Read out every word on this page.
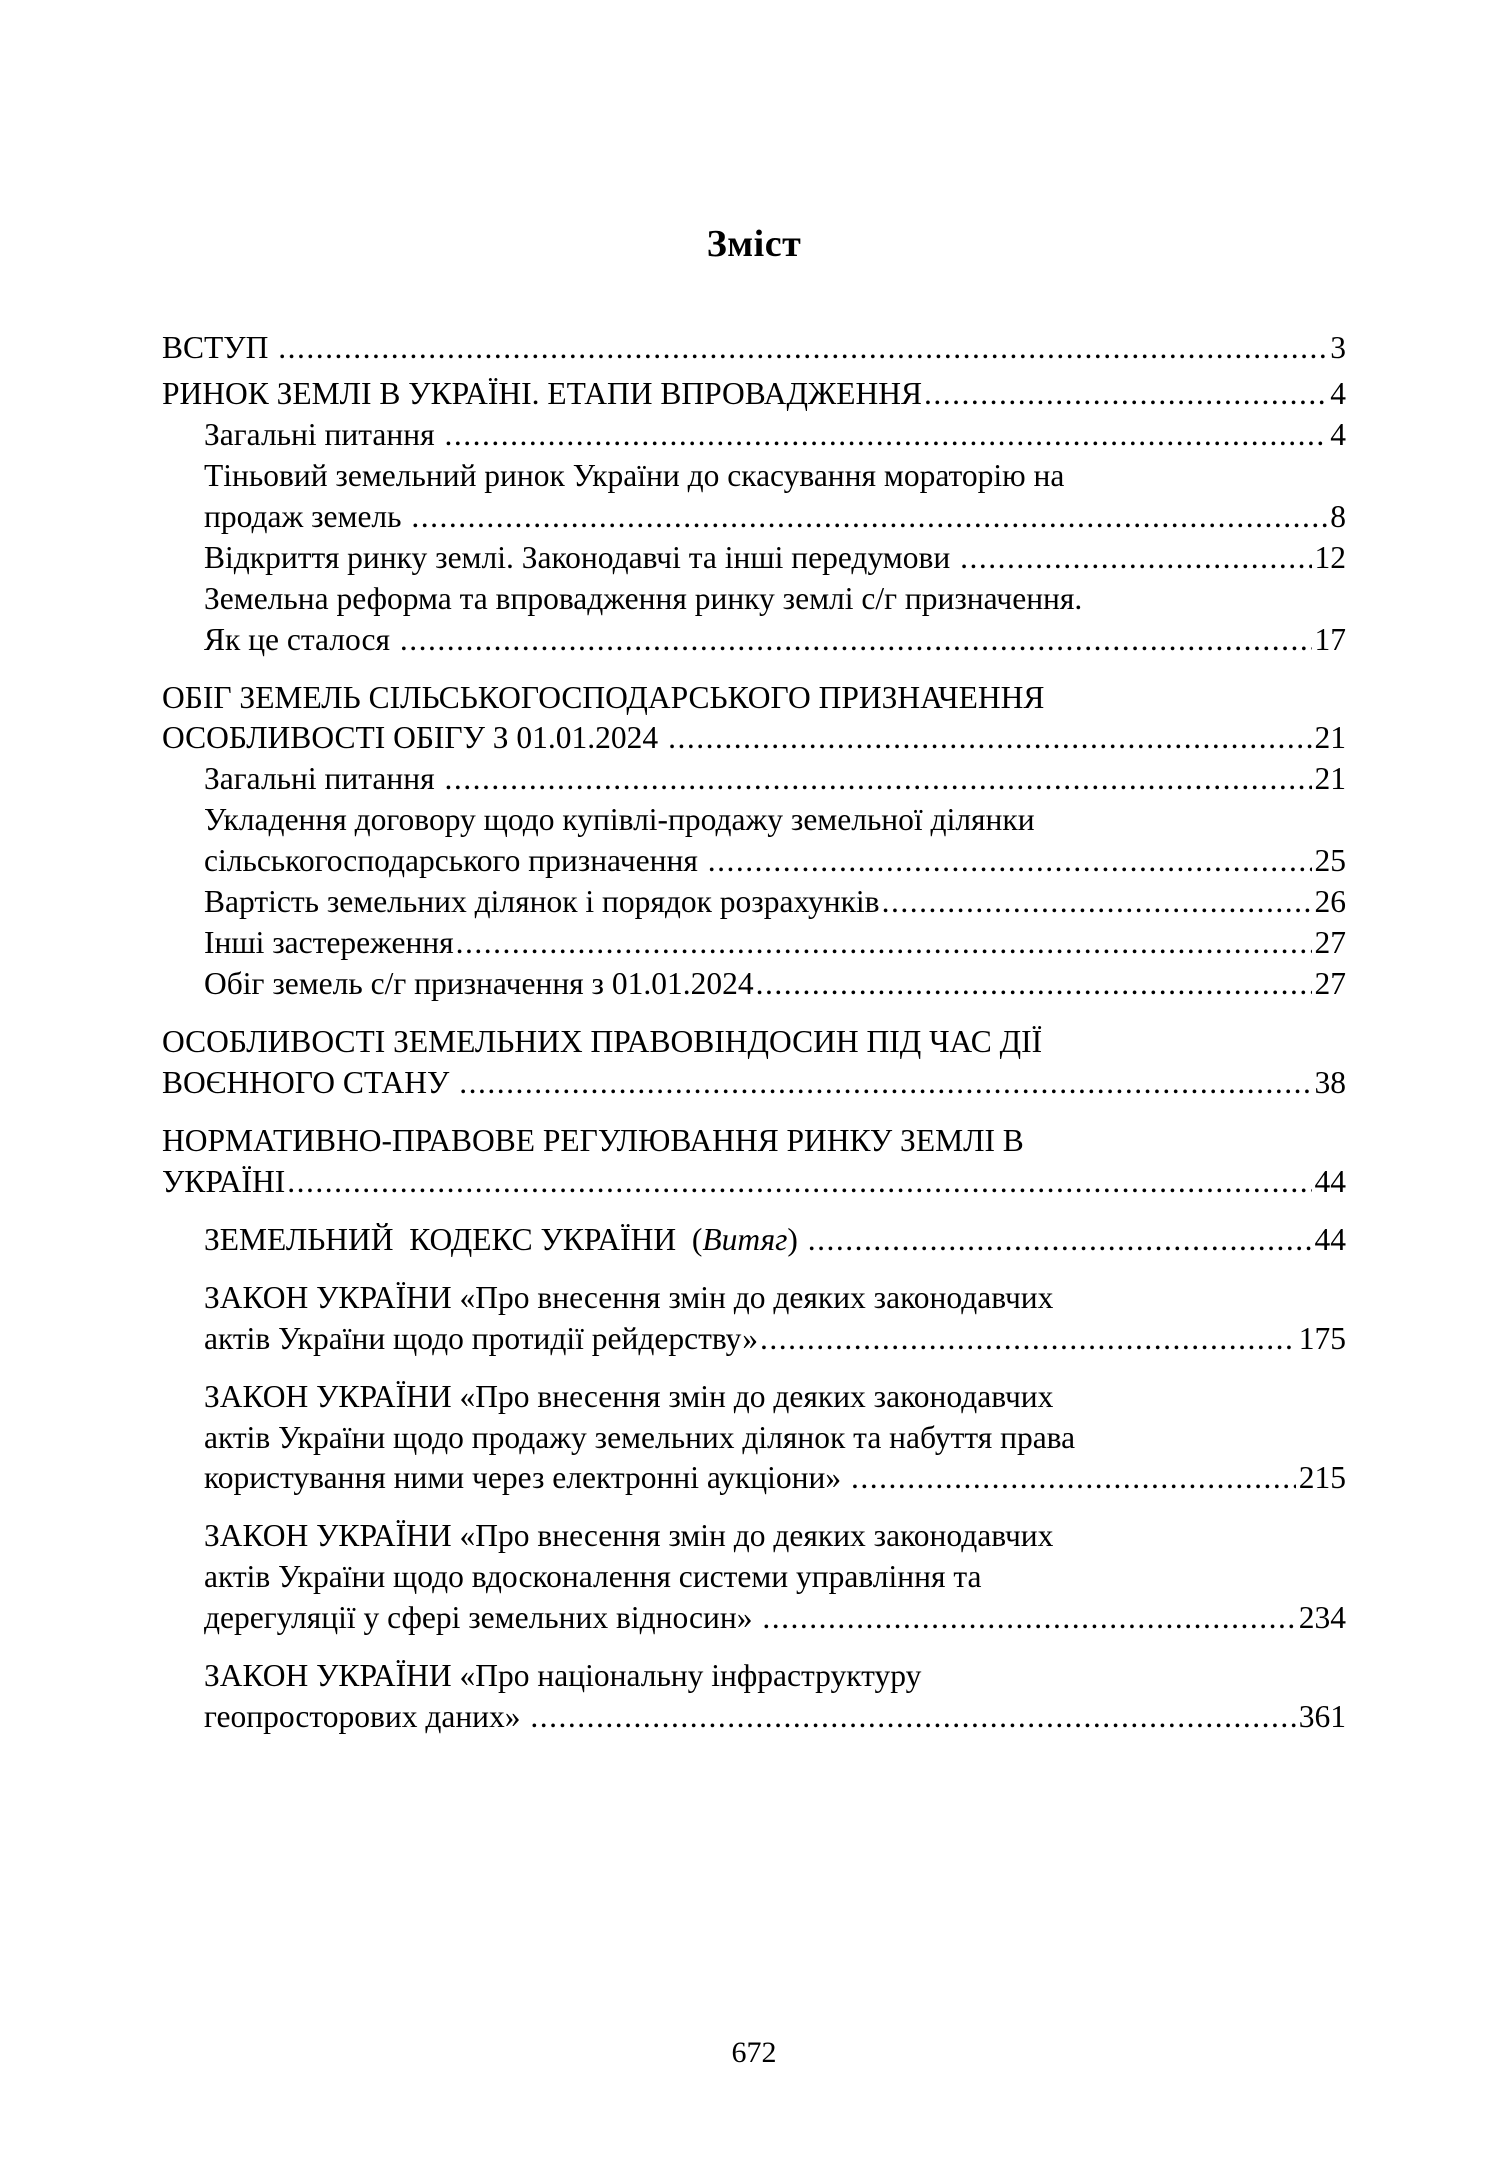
Зміст
ВСТУП .....	3
РИНОК ЗЕМЛІ В УКРАЇНІ. ЕТАПИ ВПРОВАДЖЕННЯ .....	4
Загальні питання .....	4
Тіньовий земельний ринок України до скасування мораторію на
продаж земель .....	8
Відкриття ринку землі. Законодавчі та інші передумови .....	12
Земельна реформа та впровадження ринку землі с/г призначення.
Як це сталося .....	17
ОБІГ ЗЕМЕЛЬ СІЛЬСЬКОГОСПОДАРСЬКОГО ПРИЗНАЧЕННЯ
ОСОБЛИВОСТІ ОБІГУ З 01.01.2024 .....	21
Загальні питання .....	21
Укладення договору щодо купівлі-продажу земельної ділянки
сільськогосподарського призначення .....	25
Вартість земельних ділянок і порядок розрахунків .....	26
Інші застереження .....	27
Обіг земель с/г призначення з 01.01.2024 .....	27
ОСОБЛИВОСТІ ЗЕМЕЛЬНИХ ПРАВОВІНДОСИН ПІД ЧАС ДІЇ
ВОЄННОГО СТАНУ .....	38
НОРМАТИВНО-ПРАВОВЕ РЕГУЛЮВАННЯ РИНКУ ЗЕМЛІ В
УКРАЇНІ .....	44
ЗЕМЕЛЬНИЙ  КОДЕКС УКРАЇНИ  (Витяг) .....	44
ЗАКОН УКРАЇНИ «Про внесення змін до деяких законодавчих
актів України щодо протидії рейдерству» .....	175
ЗАКОН УКРАЇНИ «Про внесення змін до деяких законодавчих
актів України щодо продажу земельних ділянок та набуття права
користування ними через електронні аукціони» .....	215
ЗАКОН УКРАЇНИ «Про внесення змін до деяких законодавчих
актів України щодо вдосконалення системи управління та
дерегуляції у сфері земельних відносин» .....	234
ЗАКОН УКРАЇНИ «Про національну інфраструктуру
геопросторових даних» .....	361
672
